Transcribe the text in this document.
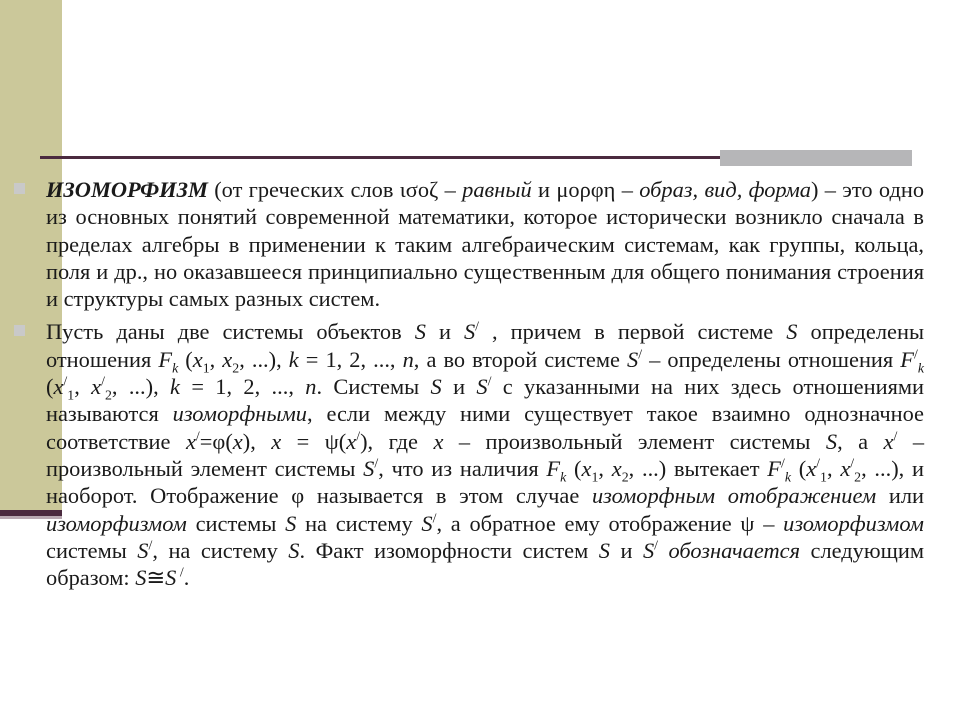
ИЗОМОРФИЗМ (от греческих слов ισοζ – равный и μορφη – образ, вид, форма) – это одно из основных понятий современной математики, которое исторически возникло сначала в пределах алгебры в применении к таким алгебраическим системам, как группы, кольца, поля и др., но оказавшееся принципиально существенным для общего понимания строения и структуры самых разных систем.
Пусть даны две системы объектов S и S/ , причем в первой системе S определены отношения $F_k$ ($x_1$, $x_2$, ...), k = 1, 2, ..., n, а во второй системе S/ – определены отношения $F^/_k$ ($x^/_1$, $x^/_2$, ...), k = 1, 2, ..., n. Системы S и S/ с указанными на них здесь отношениями называются изоморфными, если между ними существует такое взаимно однозначное соответствие x/=φ(x), x = ψ(x/), где x – произвольный элемент системы S, а x/ – произвольный элемент системы S/, что из наличия $F_k$ ($x_1$, $x_2$, ...) вытекает $F^/_k$ ($x^/_1$, $x^/_2$, ...), и наоборот. Отображение φ называется в этом случае изоморфным отображением или изоморфизмом системы S на систему S/, а обратное ему отображение ψ – изоморфизмом системы S/, на систему S. Факт изоморфности систем S и S/ обозначается следующим образом: S≅S /.
